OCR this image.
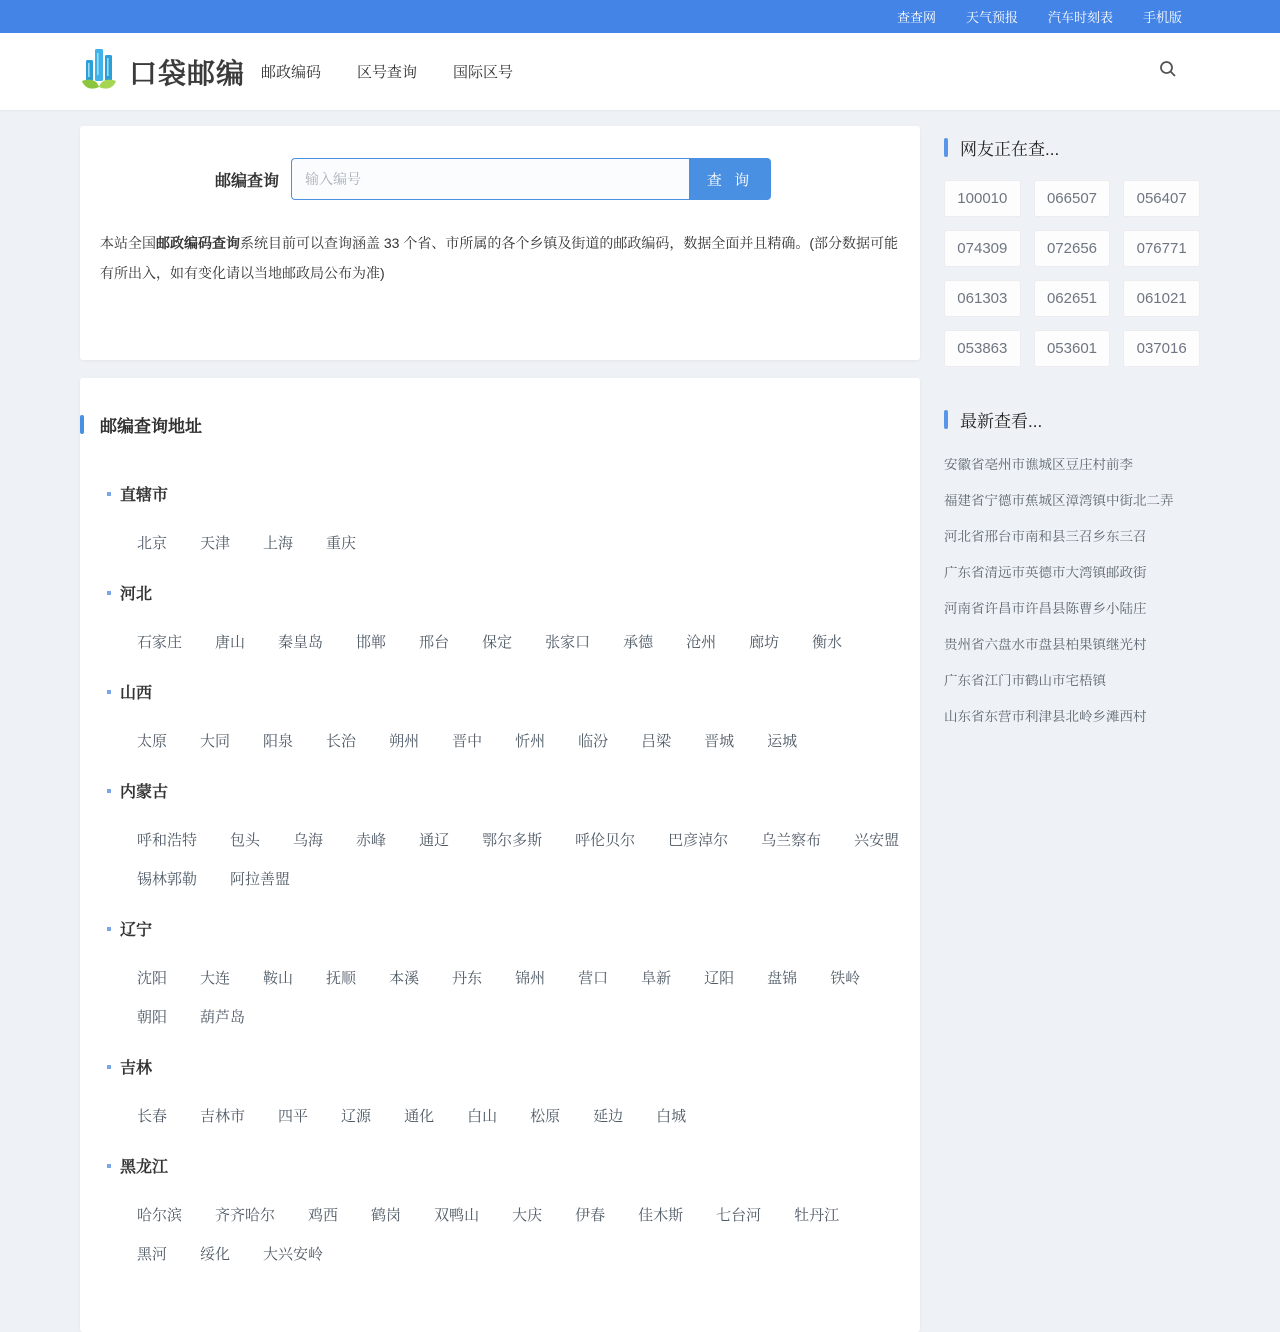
查查网 天气预报 汽车时刻表 手机版
口袋邮编 邮政编码 区号查询 国际区号
邮编查询
输入编号	查 询

本站全国邮政编码查询系统目前可以查询涵盖 33 个省、市所属的各个乡镇及街道的邮政编码，数据全面并且精确。(部分数据可能有所出入，如有变化请以当地邮政局公布为准)

邮编查询地址
直辖市
北京 天津 上海 重庆
河北
石家庄 唐山 秦皇岛 邯郸 邢台 保定 张家口 承德 沧州 廊坊 衡水
山西
太原 大同 阳泉 长治 朔州 晋中 忻州 临汾 吕梁 晋城 运城
内蒙古
呼和浩特 包头 乌海 赤峰 通辽 鄂尔多斯 呼伦贝尔 巴彦淖尔 乌兰察布 兴安盟
锡林郭勒 阿拉善盟
辽宁
沈阳 大连 鞍山 抚顺 本溪 丹东 锦州 营口 阜新 辽阳 盘锦 铁岭
朝阳 葫芦岛
吉林
长春 吉林市 四平 辽源 通化 白山 松原 延边 白城
黑龙江
哈尔滨 齐齐哈尔 鸡西 鹤岗 双鸭山 大庆 伊春 佳木斯 七台河 牡丹江
黑河 绥化 大兴安岭
网友正在查...
100010	066507	056407
074309	072656	076771
061303	062651	061021
053863	053601	037016
最新查看...
安徽省亳州市谯城区豆庄村前李
福建省宁德市蕉城区漳湾镇中街北二弄
河北省邢台市南和县三召乡东三召
广东省清远市英德市大湾镇邮政街
河南省许昌市许昌县陈曹乡小陆庄
贵州省六盘水市盘县柏果镇继光村
广东省江门市鹤山市宅梧镇
山东省东营市利津县北岭乡滩西村
